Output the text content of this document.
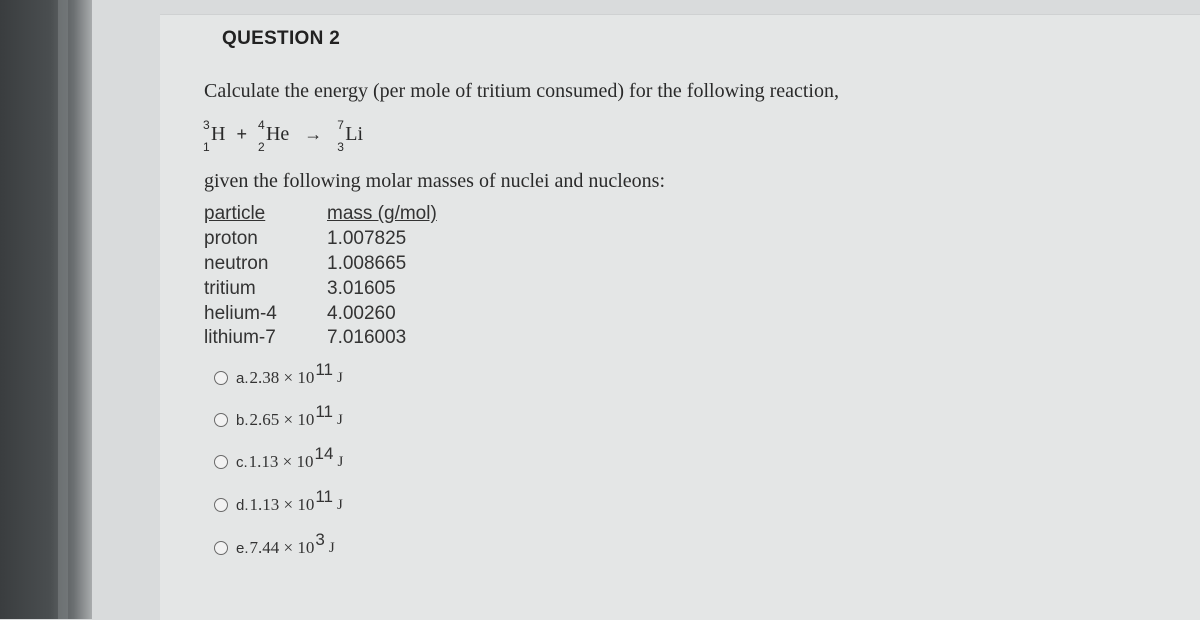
QUESTION 2
Calculate the energy (per mole of tritium consumed) for the following reaction,
3
1
H + 4
2
He → 7
3
Li
given the following molar masses of nuclei and nucleons:
particle	mass (g/mol)
proton	1.007825
neutron	1.008665
tritium	3.01605
helium-4	4.00260
lithium-7	7.016003
a. 2.38 × 10 11 J
b. 2.65 × 10 11 J
c. 1.13 × 10 14 J
d. 1.13 × 10 11 J
e. 7.44 × 10 3 J
